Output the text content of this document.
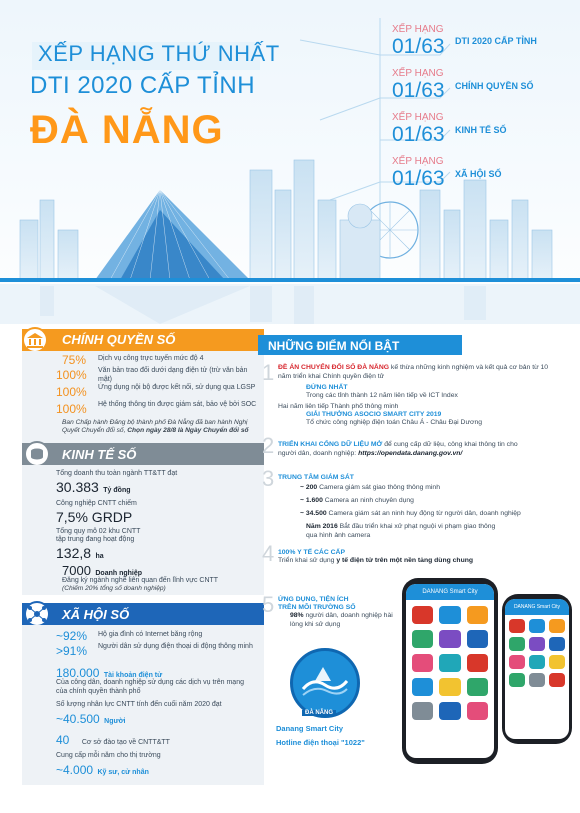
XẾP HẠNG THỨ NHẤT
DTI 2020 CẤP TỈNH
ĐÀ NẴNG
XẾP HẠNG
01/63 DTI 2020 CẤP TỈNH
XẾP HẠNG
01/63 CHÍNH QUYỀN SỐ
XẾP HẠNG
01/63 KINH TẾ SỐ
XẾP HẠNG
01/63 XÃ HỘI SỐ
CHÍNH QUYỀN SỐ
75% Dịch vụ công trực tuyến mức độ 4
100% Văn bản trao đổi dưới dạng điện tử (trừ văn bản mật)
100% Ứng dụng nội bộ được kết nối, sử dụng qua LGSP
100% Hệ thống thông tin được giám sát, bảo vệ bởi SOC
Ban Chấp hành Đảng bộ thành phố Đà Nẵng đã ban hành Nghị Quyết Chuyển đổi số, Chọn ngày 28/8 là Ngày Chuyển đổi số
KINH TẾ SỐ
Tổng doanh thu toàn ngành TT&TT đạt
30.383 Tỷ đồng
Công nghiệp CNTT chiếm
7,5% GRDP
Tổng quy mô 02 khu CNTT
tập trung đang hoạt động
132,8 ha
7000 Doanh nghiệp
Đăng ký ngành nghề liên quan đến lĩnh vực CNTT
(Chiếm 20% tổng số doanh nghiệp)
XÃ HỘI SỐ
~92% Hộ gia đình có Internet băng rộng
>91% Người dân sử dụng điện thoại di động thông minh
180.000 Tài khoản điện tử
Của công dân, doanh nghiệp sử dụng các dịch vụ trên mạng của chính quyền thành phố
Số lượng nhân lực CNTT tính đến cuối năm 2020 đạt
~40.500 Người
40 Cơ sở đào tạo về CNTT&TT
Cung cấp mỗi năm cho thị trường
~4.000 Kỹ sư, cử nhân
NHỮNG ĐIỂM NỔI BẬT
1 ĐỀ ÁN CHUYỂN ĐỔI SỐ ĐÀ NẴNG kế thừa những kinh nghiệm và kết quả cơ bản từ 10 năm triển khai Chính quyền điện tử
ĐỨNG NHẤT
Trong các tỉnh thành 12 năm liên tiếp về ICT Index
Hai năm liên tiếp Thành phố thông minh
GIẢI THƯỞNG ASOCIO SMART CITY 2019
Tổ chức công nghiệp điện toán Châu Á - Châu Đại Dương
2 TRIỂN KHAI CỔNG DỮ LIỆU MỞ để cung cấp dữ liệu, công khai thông tin cho người dân, doanh nghiệp: https://opendata.danang.gov.vn/
3 TRUNG TÂM GIÁM SÁT
~ 200 Camera giám sát giao thông thông minh
~ 1.600 Camera an ninh chuyên dụng
~ 34.500 Camera giám sát an ninh huy động từ người dân, doanh nghiệp
Năm 2016 Bắt đầu triển khai xử phạt nguội vi phạm giao thông qua hình ảnh camera
4 100% Y TẾ CÁC CẤP
Triển khai sử dụng y tế điện tử trên một nền tảng dùng chung
5 ỨNG DỤNG, TIỆN ÍCH
TRÊN MÔI TRƯỜNG SỐ
98% người dân, doanh nghiệp hài lòng khi sử dụng
ĐÀ NẴNG
Danang Smart City
Hotline điện thoại "1022"
DANANG Smart City
DANANG Smart City
